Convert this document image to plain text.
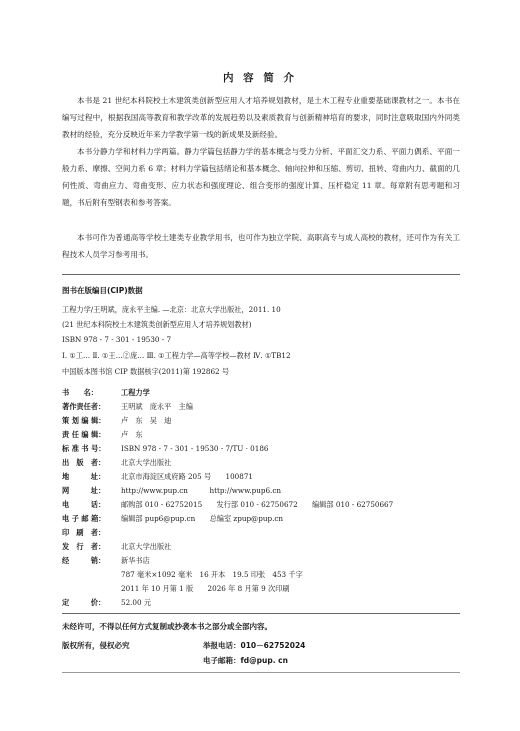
内 容 简 介

本书是 21 世纪本科院校土木建筑类创新型应用人才培养规划教材，是土木工程专业重要基础课教材之一。本书在编写过程中，根据我国高等教育和教学改革的发展趋势以及素质教育与创新精神培育的要求，同时注意吸取国内外同类教材的经验，充分反映近年来力学教学第一线的新成果及新经验。

本书分静力学和材料力学两篇。静力学篇包括静力学的基本概念与受力分析、平面汇交力系、平面力偶系、平面一般力系、摩擦、空间力系 6 章；材料力学篇包括绪论和基本概念、轴向拉伸和压缩、剪切、扭转、弯曲内力、截面的几何性质、弯曲应力、弯曲变形、应力状态和强度理论、组合变形的强度计算、压杆稳定 11 章。每章附有思考题和习题，书后附有型钢表和参考答案。

本书可作为普通高等学校土建类专业教学用书，也可作为独立学院、高职高专与成人高校的教材，还可作为有关工程技术人员学习参考用书。

图书在版编目(CIP)数据
工程力学/王明斌，庞永平主编. —北京：北京大学出版社，2011. 10
(21 世纪本科院校土木建筑类创新型应用人才培养规划教材)
ISBN 978 - 7 - 301 - 19530 - 7
Ⅰ. ①工… Ⅱ. ①王…②庞… Ⅲ. ①工程力学—高等学校—教材 Ⅳ. ①TB12
中国版本图书馆 CIP 数据核字(2011)第 192862 号
书　　名：	工程力学
著作责任者：	王明斌　庞永平　主编
策 划 编 辑：	卢　东　吴　迪
责 任 编 辑：	卢　东
标 准 书 号：	ISBN 978 - 7 - 301 - 19530 - 7/TU · 0186
出　版　者：	北京大学出版社
地　　　址：	北京市海淀区成府路 205 号　　100871
网　　　址：	http://www.pup.cn　　　http://www.pup6.cn
电　　　话：	邮购部 010 - 62752015　　发行部 010 - 62750672　　编辑部 010 - 62750667
电 子 邮 箱：	编辑部 pup6@pup.cn　　总编室 zpup@pup.cn
印　刷　者：
发　行　者：	北京大学出版社
经　　　销：	新华书店
787 毫米×1092 毫米　16 开本　19.5 印张　453 千字
2011 年 10 月第 1 版　　2026 年 8 月第 9 次印刷
定　　　价：	52.00 元
未经许可，不得以任何方式复制或抄袭本书之部分或全部内容。
版权所有，侵权必究	举报电话：010－62752024
电子邮箱：fd@pup. cn
